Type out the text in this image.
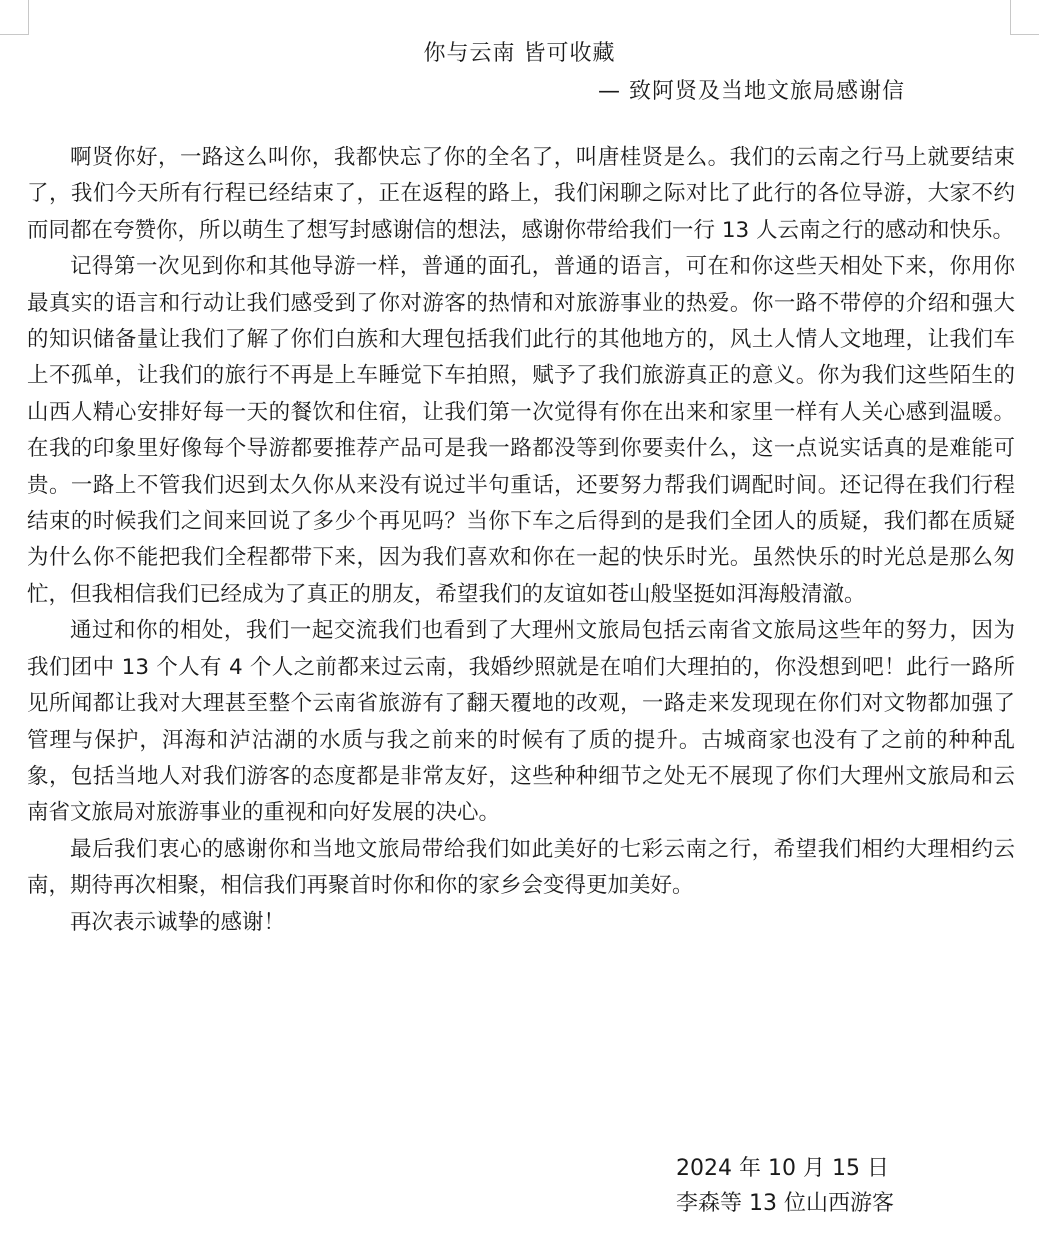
你与云南 皆可收藏
— 致阿贤及当地文旅局感谢信

啊贤你好，一路这么叫你，我都快忘了你的全名了，叫唐桂贤是么。我们的云南之行马上就要结束了，我们今天所有行程已经结束了，正在返程的路上，我们闲聊之际对比了此行的各位导游，大家不约而同都在夸赞你，所以萌生了想写封感谢信的想法，感谢你带给我们一行 13 人云南之行的感动和快乐。

记得第一次见到你和其他导游一样，普通的面孔，普通的语言，可在和你这些天相处下来，你用你最真实的语言和行动让我们感受到了你对游客的热情和对旅游事业的热爱。你一路不带停的介绍和强大的知识储备量让我们了解了你们白族和大理包括我们此行的其他地方的，风土人情人文地理，让我们车上不孤单，让我们的旅行不再是上车睡觉下车拍照，赋予了我们旅游真正的意义。你为我们这些陌生的山西人精心安排好每一天的餐饮和住宿，让我们第一次觉得有你在出来和家里一样有人关心感到温暖。在我的印象里好像每个导游都要推荐产品可是我一路都没等到你要卖什么，这一点说实话真的是难能可贵。一路上不管我们迟到太久你从来没有说过半句重话，还要努力帮我们调配时间。还记得在我们行程结束的时候我们之间来回说了多少个再见吗？当你下车之后得到的是我们全团人的质疑，我们都在质疑为什么你不能把我们全程都带下来，因为我们喜欢和你在一起的快乐时光。虽然快乐的时光总是那么匆忙，但我相信我们已经成为了真正的朋友，希望我们的友谊如苍山般坚挺如洱海般清澈。

通过和你的相处，我们一起交流我们也看到了大理州文旅局包括云南省文旅局这些年的努力，因为我们团中 13 个人有 4 个人之前都来过云南，我婚纱照就是在咱们大理拍的，你没想到吧！此行一路所见所闻都让我对大理甚至整个云南省旅游有了翻天覆地的改观，一路走来发现现在你们对文物都加强了管理与保护，洱海和泸沽湖的水质与我之前来的时候有了质的提升。古城商家也没有了之前的种种乱象，包括当地人对我们游客的态度都是非常友好，这些种种细节之处无不展现了你们大理州文旅局和云南省文旅局对旅游事业的重视和向好发展的决心。

最后我们衷心的感谢你和当地文旅局带给我们如此美好的七彩云南之行，希望我们相约大理相约云南，期待再次相聚，相信我们再聚首时你和你的家乡会变得更加美好。

再次表示诚挚的感谢！

2024 年 10 月 15 日
李森等 13 位山西游客
